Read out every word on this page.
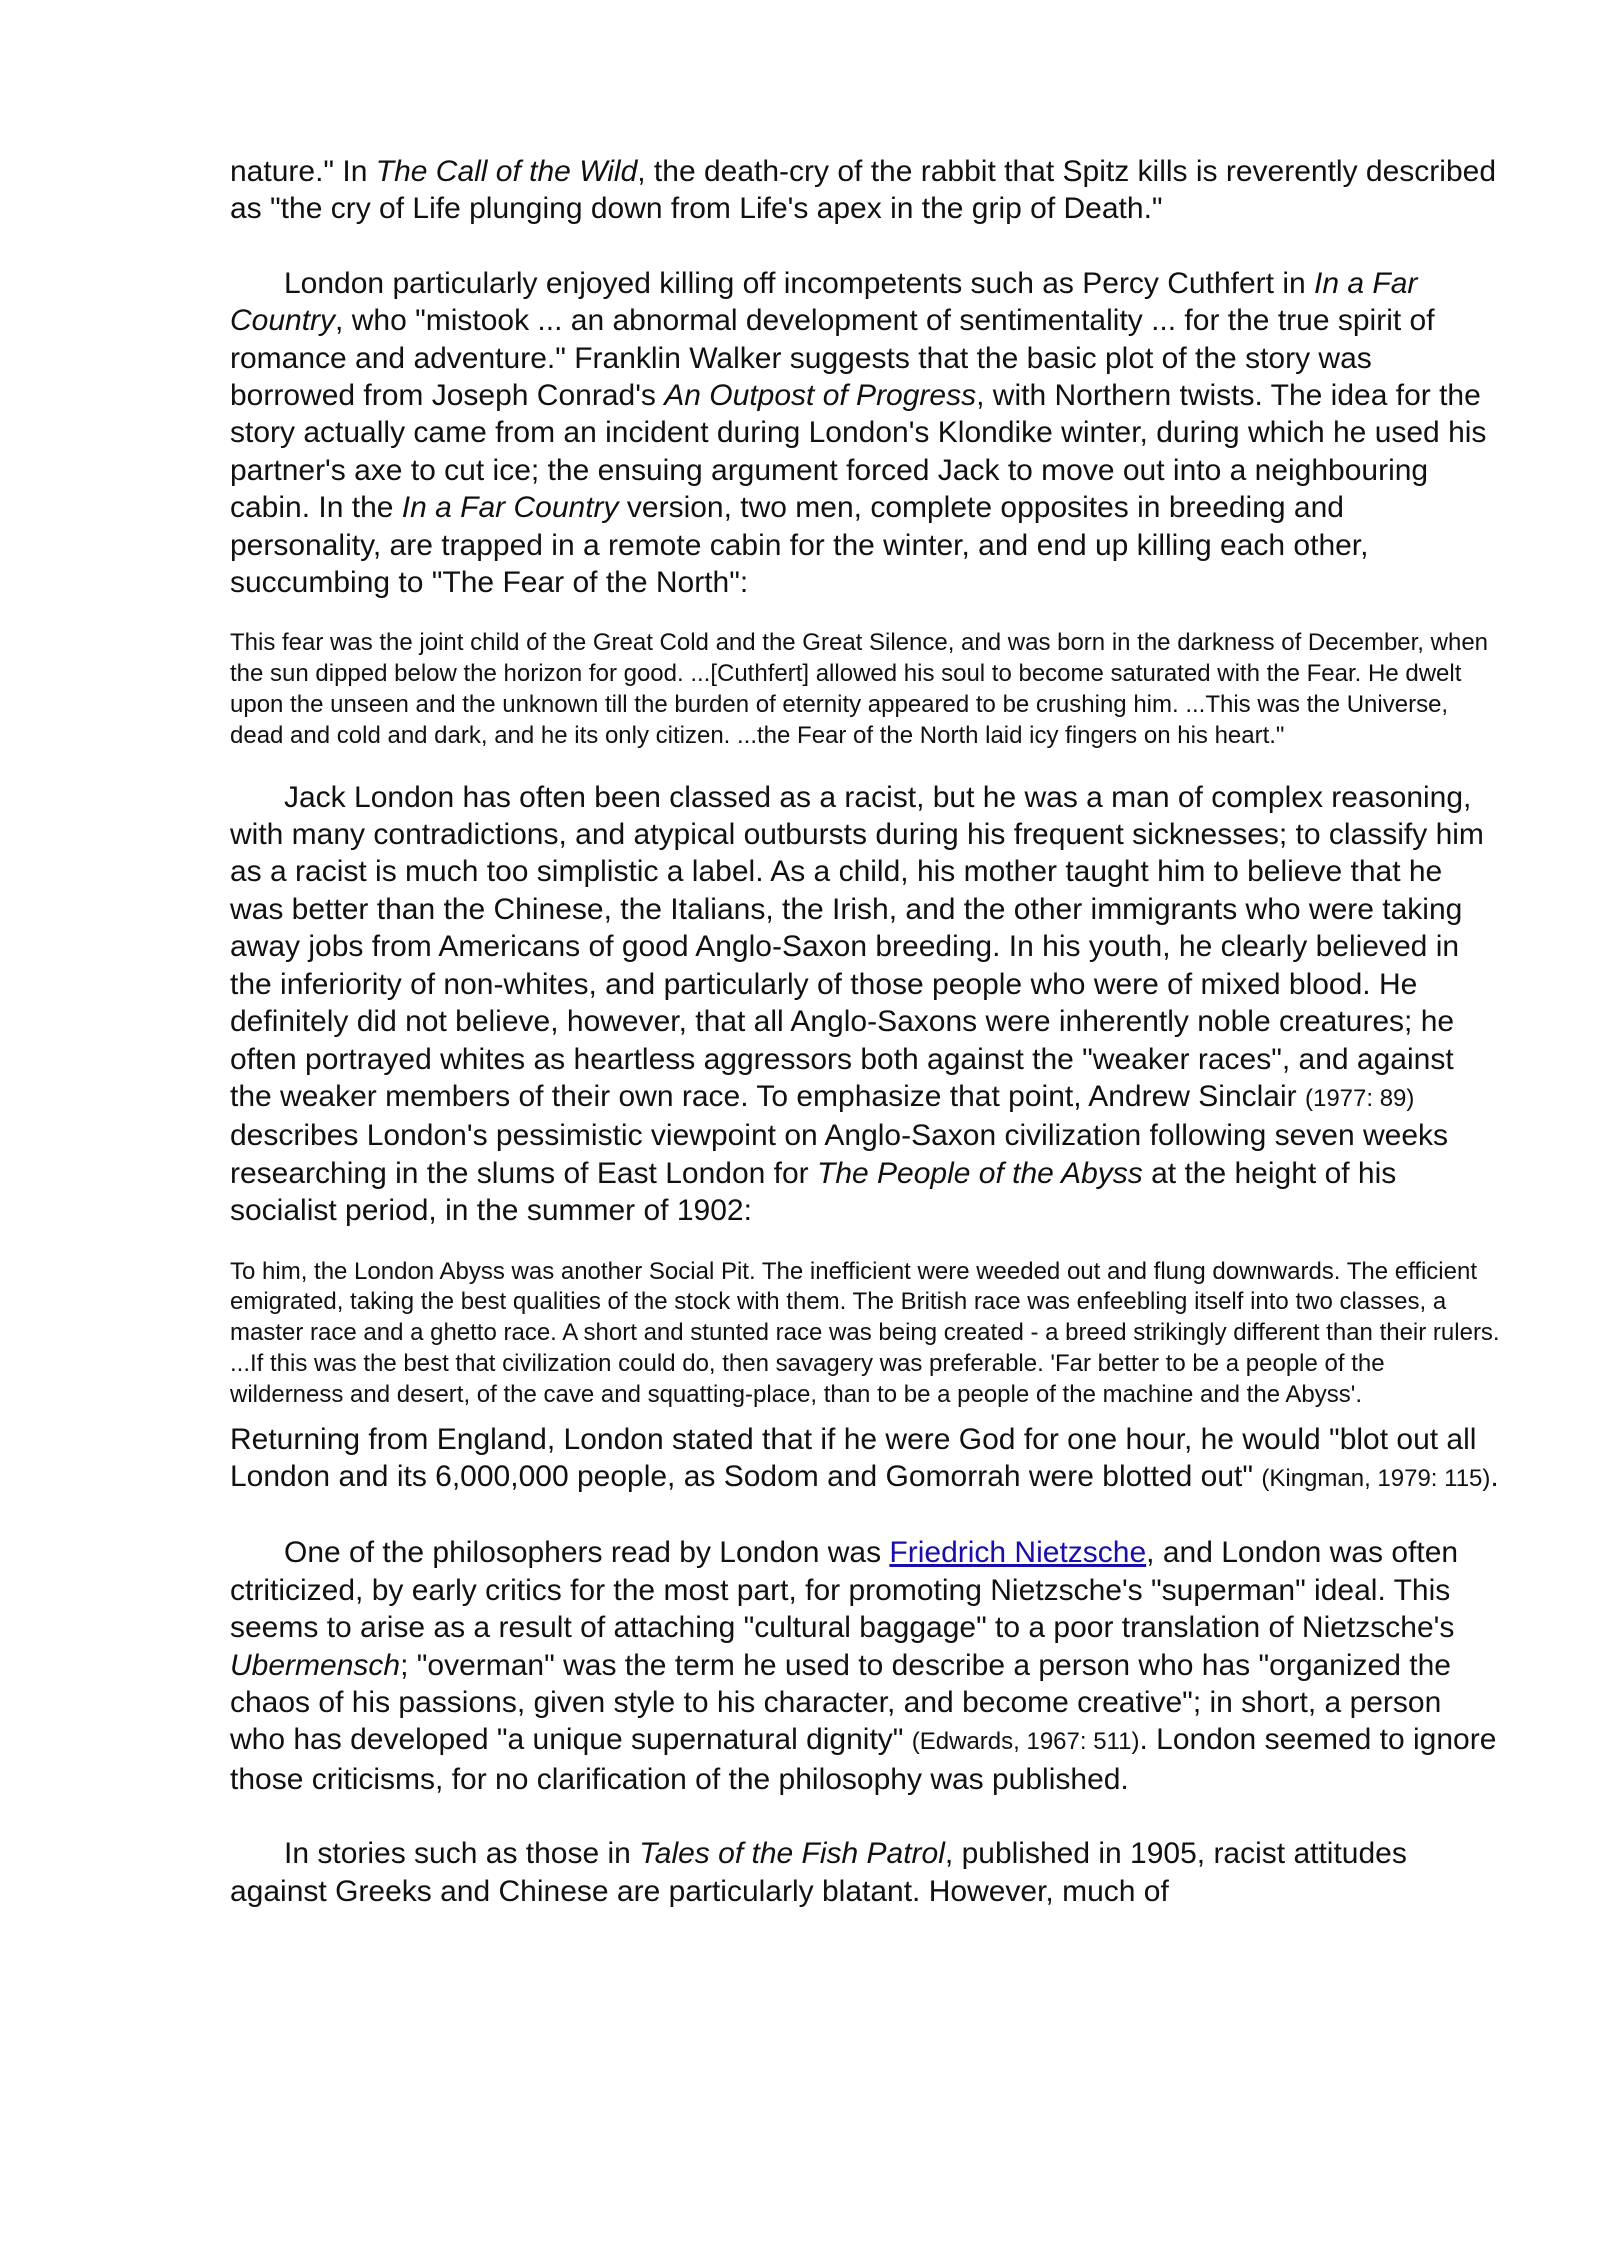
nature." In The Call of the Wild, the death-cry of the rabbit that Spitz kills is reverently described as "the cry of Life plunging down from Life's apex in the grip of Death."

London particularly enjoyed killing off incompetents such as Percy Cuthfert in In a Far Country, who "mistook ... an abnormal development of sentimentality ... for the true spirit of romance and adventure." Franklin Walker suggests that the basic plot of the story was borrowed from Joseph Conrad's An Outpost of Progress, with Northern twists. The idea for the story actually came from an incident during London's Klondike winter, during which he used his partner's axe to cut ice; the ensuing argument forced Jack to move out into a neighbouring cabin. In the In a Far Country version, two men, complete opposites in breeding and personality, are trapped in a remote cabin for the winter, and end up killing each other, succumbing to "The Fear of the North":

This fear was the joint child of the Great Cold and the Great Silence, and was born in the darkness of December, when the sun dipped below the horizon for good. ...[Cuthfert] allowed his soul to become saturated with the Fear. He dwelt upon the unseen and the unknown till the burden of eternity appeared to be crushing him. ...This was the Universe, dead and cold and dark, and he its only citizen. ...the Fear of the North laid icy fingers on his heart."

Jack London has often been classed as a racist, but he was a man of complex reasoning, with many contradictions, and atypical outbursts during his frequent sicknesses; to classify him as a racist is much too simplistic a label. As a child, his mother taught him to believe that he was better than the Chinese, the Italians, the Irish, and the other immigrants who were taking away jobs from Americans of good Anglo-Saxon breeding. In his youth, he clearly believed in the inferiority of non-whites, and particularly of those people who were of mixed blood. He definitely did not believe, however, that all Anglo-Saxons were inherently noble creatures; he often portrayed whites as heartless aggressors both against the "weaker races", and against the weaker members of their own race. To emphasize that point, Andrew Sinclair (1977: 89) describes London's pessimistic viewpoint on Anglo-Saxon civilization following seven weeks researching in the slums of East London for The People of the Abyss at the height of his socialist period, in the summer of 1902:

To him, the London Abyss was another Social Pit. The inefficient were weeded out and flung downwards. The efficient emigrated, taking the best qualities of the stock with them. The British race was enfeebling itself into two classes, a master race and a ghetto race. A short and stunted race was being created - a breed strikingly different than their rulers. ...If this was the best that civilization could do, then savagery was preferable. 'Far better to be a people of the wilderness and desert, of the cave and squatting-place, than to be a people of the machine and the Abyss'.

Returning from England, London stated that if he were God for one hour, he would "blot out all London and its 6,000,000 people, as Sodom and Gomorrah were blotted out" (Kingman, 1979: 115).

One of the philosophers read by London was Friedrich Nietzsche, and London was often ctriticized, by early critics for the most part, for promoting Nietzsche's "superman" ideal. This seems to arise as a result of attaching "cultural baggage" to a poor translation of Nietzsche's Ubermensch; "overman" was the term he used to describe a person who has "organized the chaos of his passions, given style to his character, and become creative"; in short, a person who has developed "a unique supernatural dignity" (Edwards, 1967: 511). London seemed to ignore those criticisms, for no clarification of the philosophy was published.

In stories such as those in Tales of the Fish Patrol, published in 1905, racist attitudes against Greeks and Chinese are particularly blatant. However, much of
